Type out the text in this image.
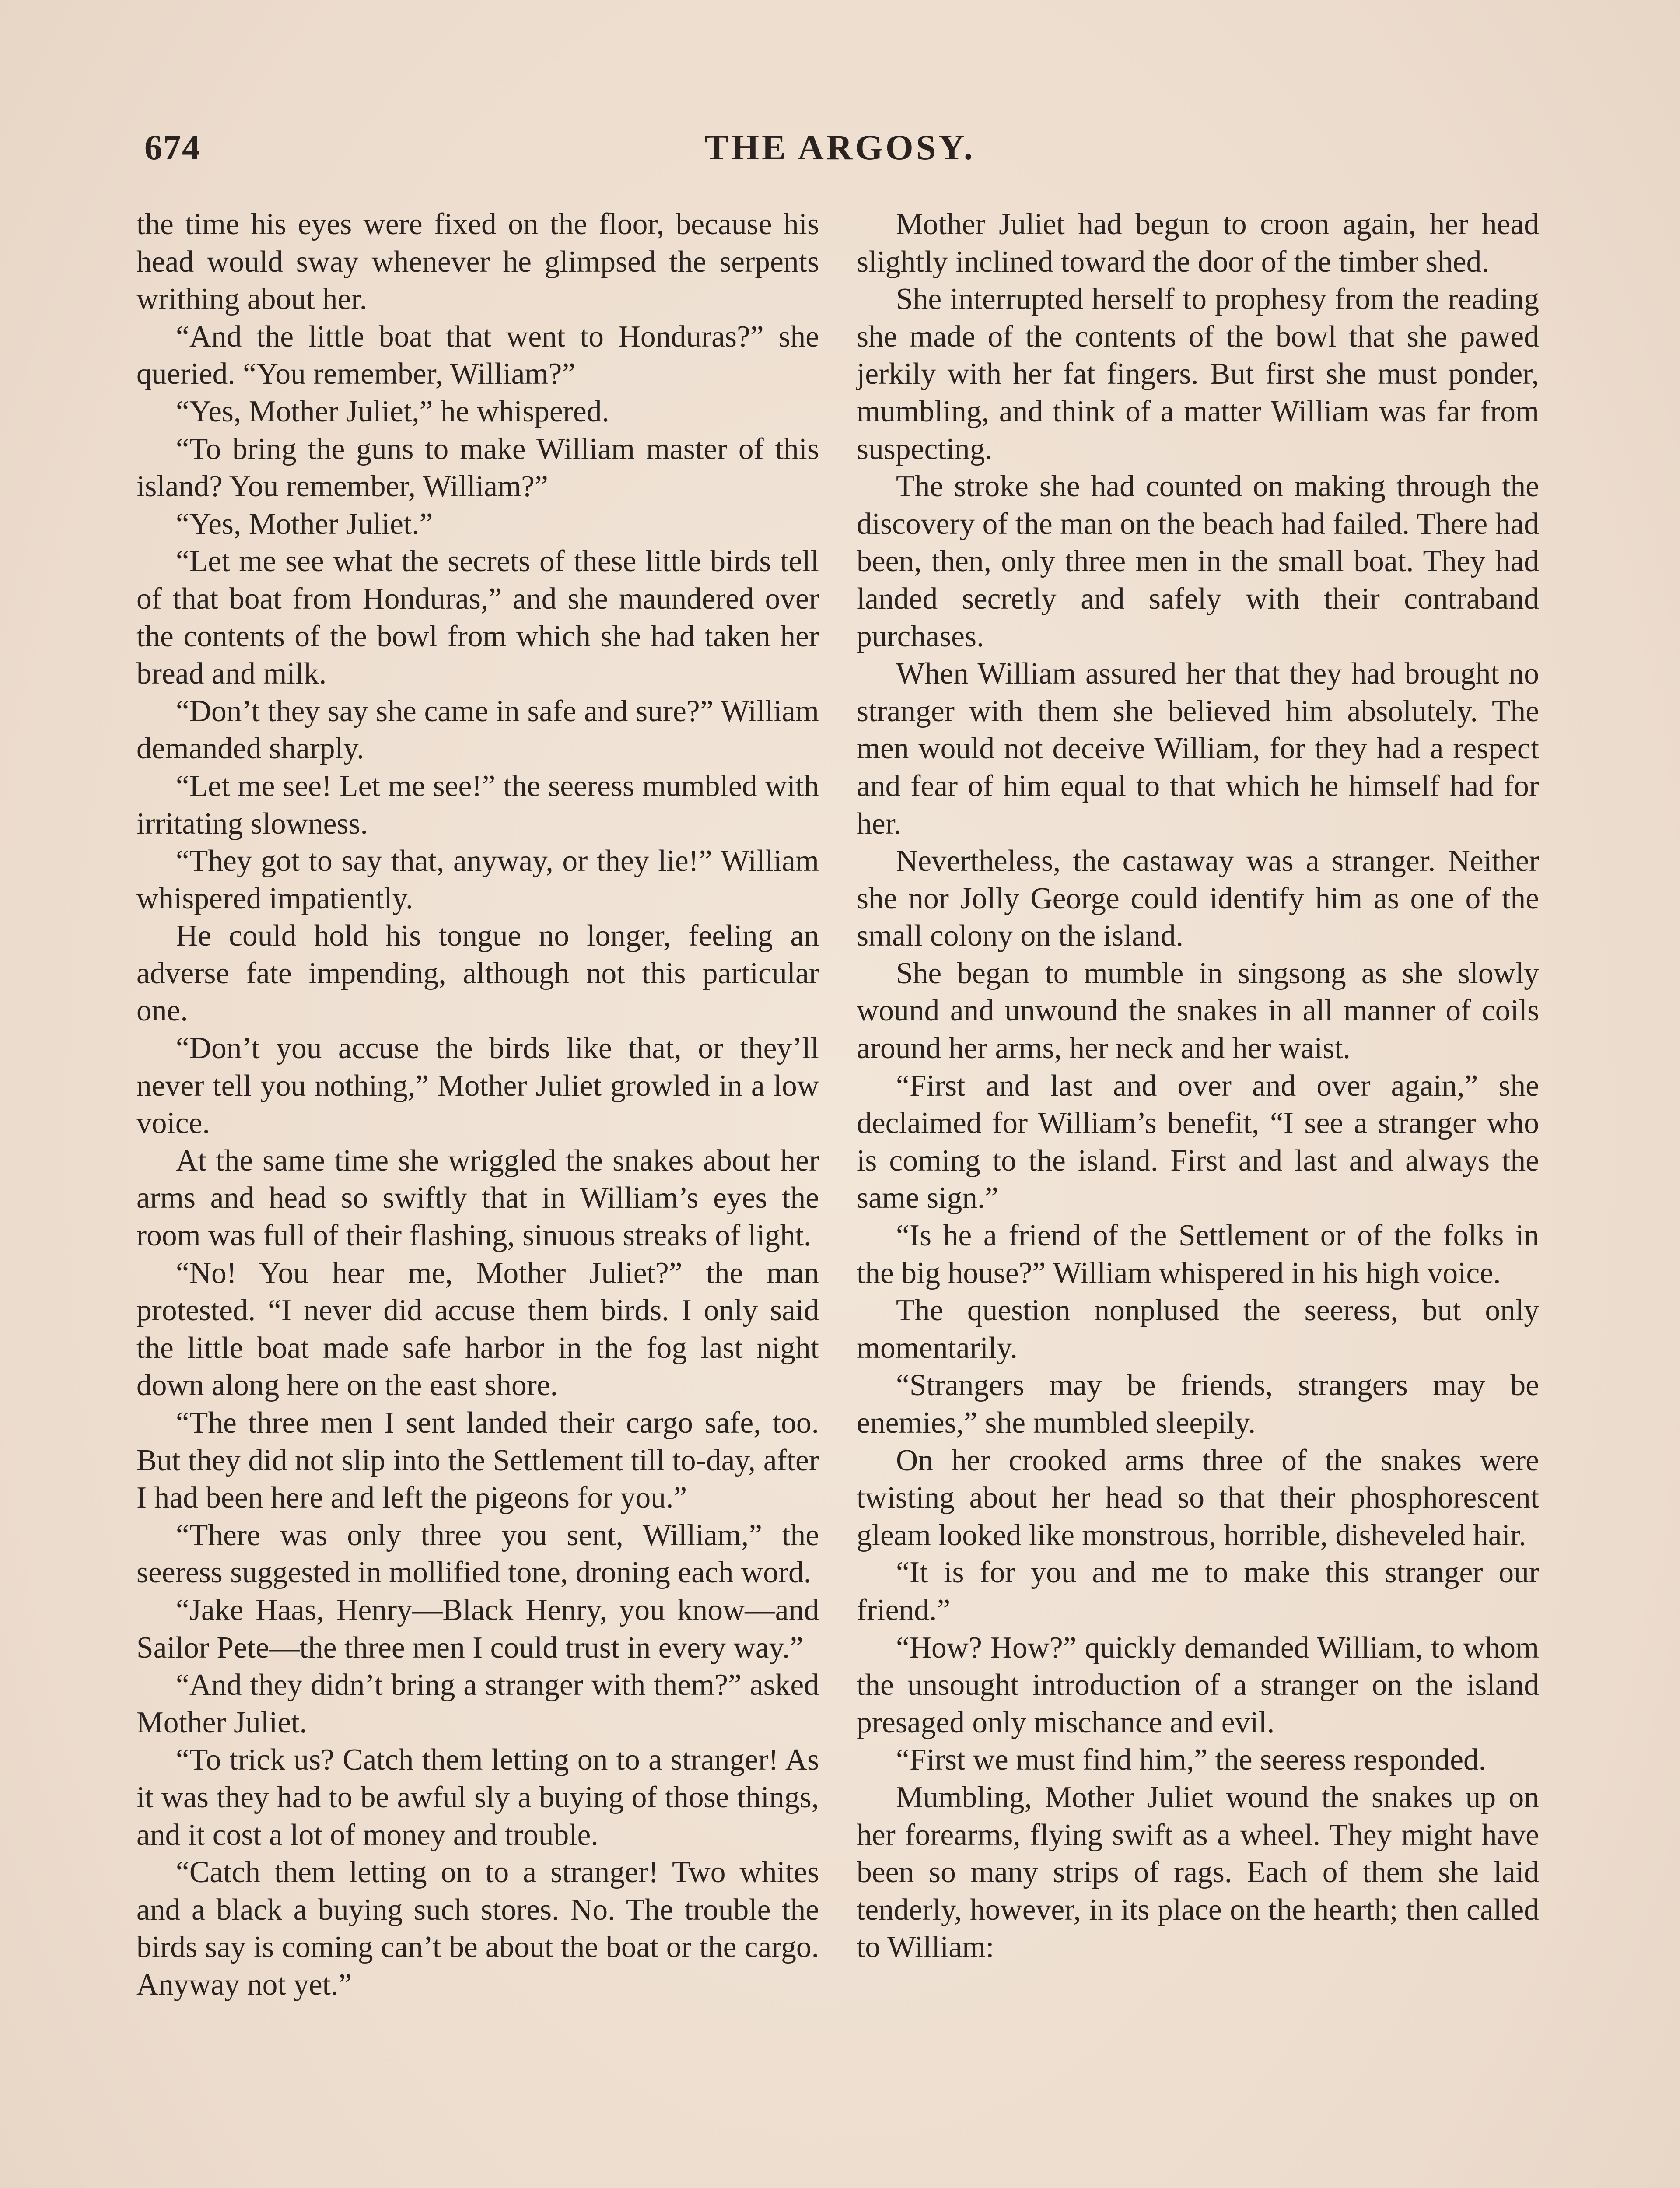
674	THE ARGOSY.

the time his eyes were fixed on the floor, because his head would sway whenever he glimpsed the serpents writhing about her.

“And the little boat that went to Honduras?” she queried. “You remember, William?”

“Yes, Mother Juliet,” he whispered.

“To bring the guns to make William master of this island? You remember, William?”

“Yes, Mother Juliet.”

“Let me see what the secrets of these little birds tell of that boat from Honduras,” and she maundered over the contents of the bowl from which she had taken her bread and milk.

“Don’t they say she came in safe and sure?” William demanded sharply.

“Let me see! Let me see!” the seeress mumbled with irritating slowness.

“They got to say that, anyway, or they lie!” William whispered impatiently.

He could hold his tongue no longer, feeling an adverse fate impending, although not this particular one.

“Don’t you accuse the birds like that, or they’ll never tell you nothing,” Mother Juliet growled in a low voice.

At the same time she wriggled the snakes about her arms and head so swiftly that in William’s eyes the room was full of their flashing, sinuous streaks of light.

“No! You hear me, Mother Juliet?” the man protested. “I never did accuse them birds. I only said the little boat made safe harbor in the fog last night down along here on the east shore.

“The three men I sent landed their cargo safe, too. But they did not slip into the Settlement till to-day, after I had been here and left the pigeons for you.”

“There was only three you sent, William,” the seeress suggested in mollified tone, droning each word.

“Jake Haas, Henry—Black Henry, you know—and Sailor Pete—the three men I could trust in every way.”

“And they didn’t bring a stranger with them?” asked Mother Juliet.

“To trick us? Catch them letting on to a stranger! As it was they had to be awful sly a buying of those things, and it cost a lot of money and trouble.

“Catch them letting on to a stranger! Two whites and a black a buying such stores. No. The trouble the birds say is coming can’t be about the boat or the cargo. Anyway not yet.”

Mother Juliet had begun to croon again, her head slightly inclined toward the door of the timber shed.

She interrupted herself to prophesy from the reading she made of the contents of the bowl that she pawed jerkily with her fat fingers. But first she must ponder, mumbling, and think of a matter William was far from suspecting.

The stroke she had counted on making through the discovery of the man on the beach had failed. There had been, then, only three men in the small boat. They had landed secretly and safely with their contraband purchases.

When William assured her that they had brought no stranger with them she believed him absolutely. The men would not deceive William, for they had a respect and fear of him equal to that which he himself had for her.

Nevertheless, the castaway was a stranger. Neither she nor Jolly George could identify him as one of the small colony on the island.

She began to mumble in singsong as she slowly wound and unwound the snakes in all manner of coils around her arms, her neck and her waist.

“First and last and over and over again,” she declaimed for William’s benefit, “I see a stranger who is coming to the island. First and last and always the same sign.”

“Is he a friend of the Settlement or of the folks in the big house?” William whispered in his high voice.

The question nonplused the seeress, but only momentarily.

“Strangers may be friends, strangers may be enemies,” she mumbled sleepily.

On her crooked arms three of the snakes were twisting about her head so that their phosphorescent gleam looked like monstrous, horrible, disheveled hair.

“It is for you and me to make this stranger our friend.”

“How? How?” quickly demanded William, to whom the unsought introduction of a stranger on the island presaged only mischance and evil.

“First we must find him,” the seeress responded.

Mumbling, Mother Juliet wound the snakes up on her forearms, flying swift as a wheel. They might have been so many strips of rags. Each of them she laid tenderly, however, in its place on the hearth; then called to William:
